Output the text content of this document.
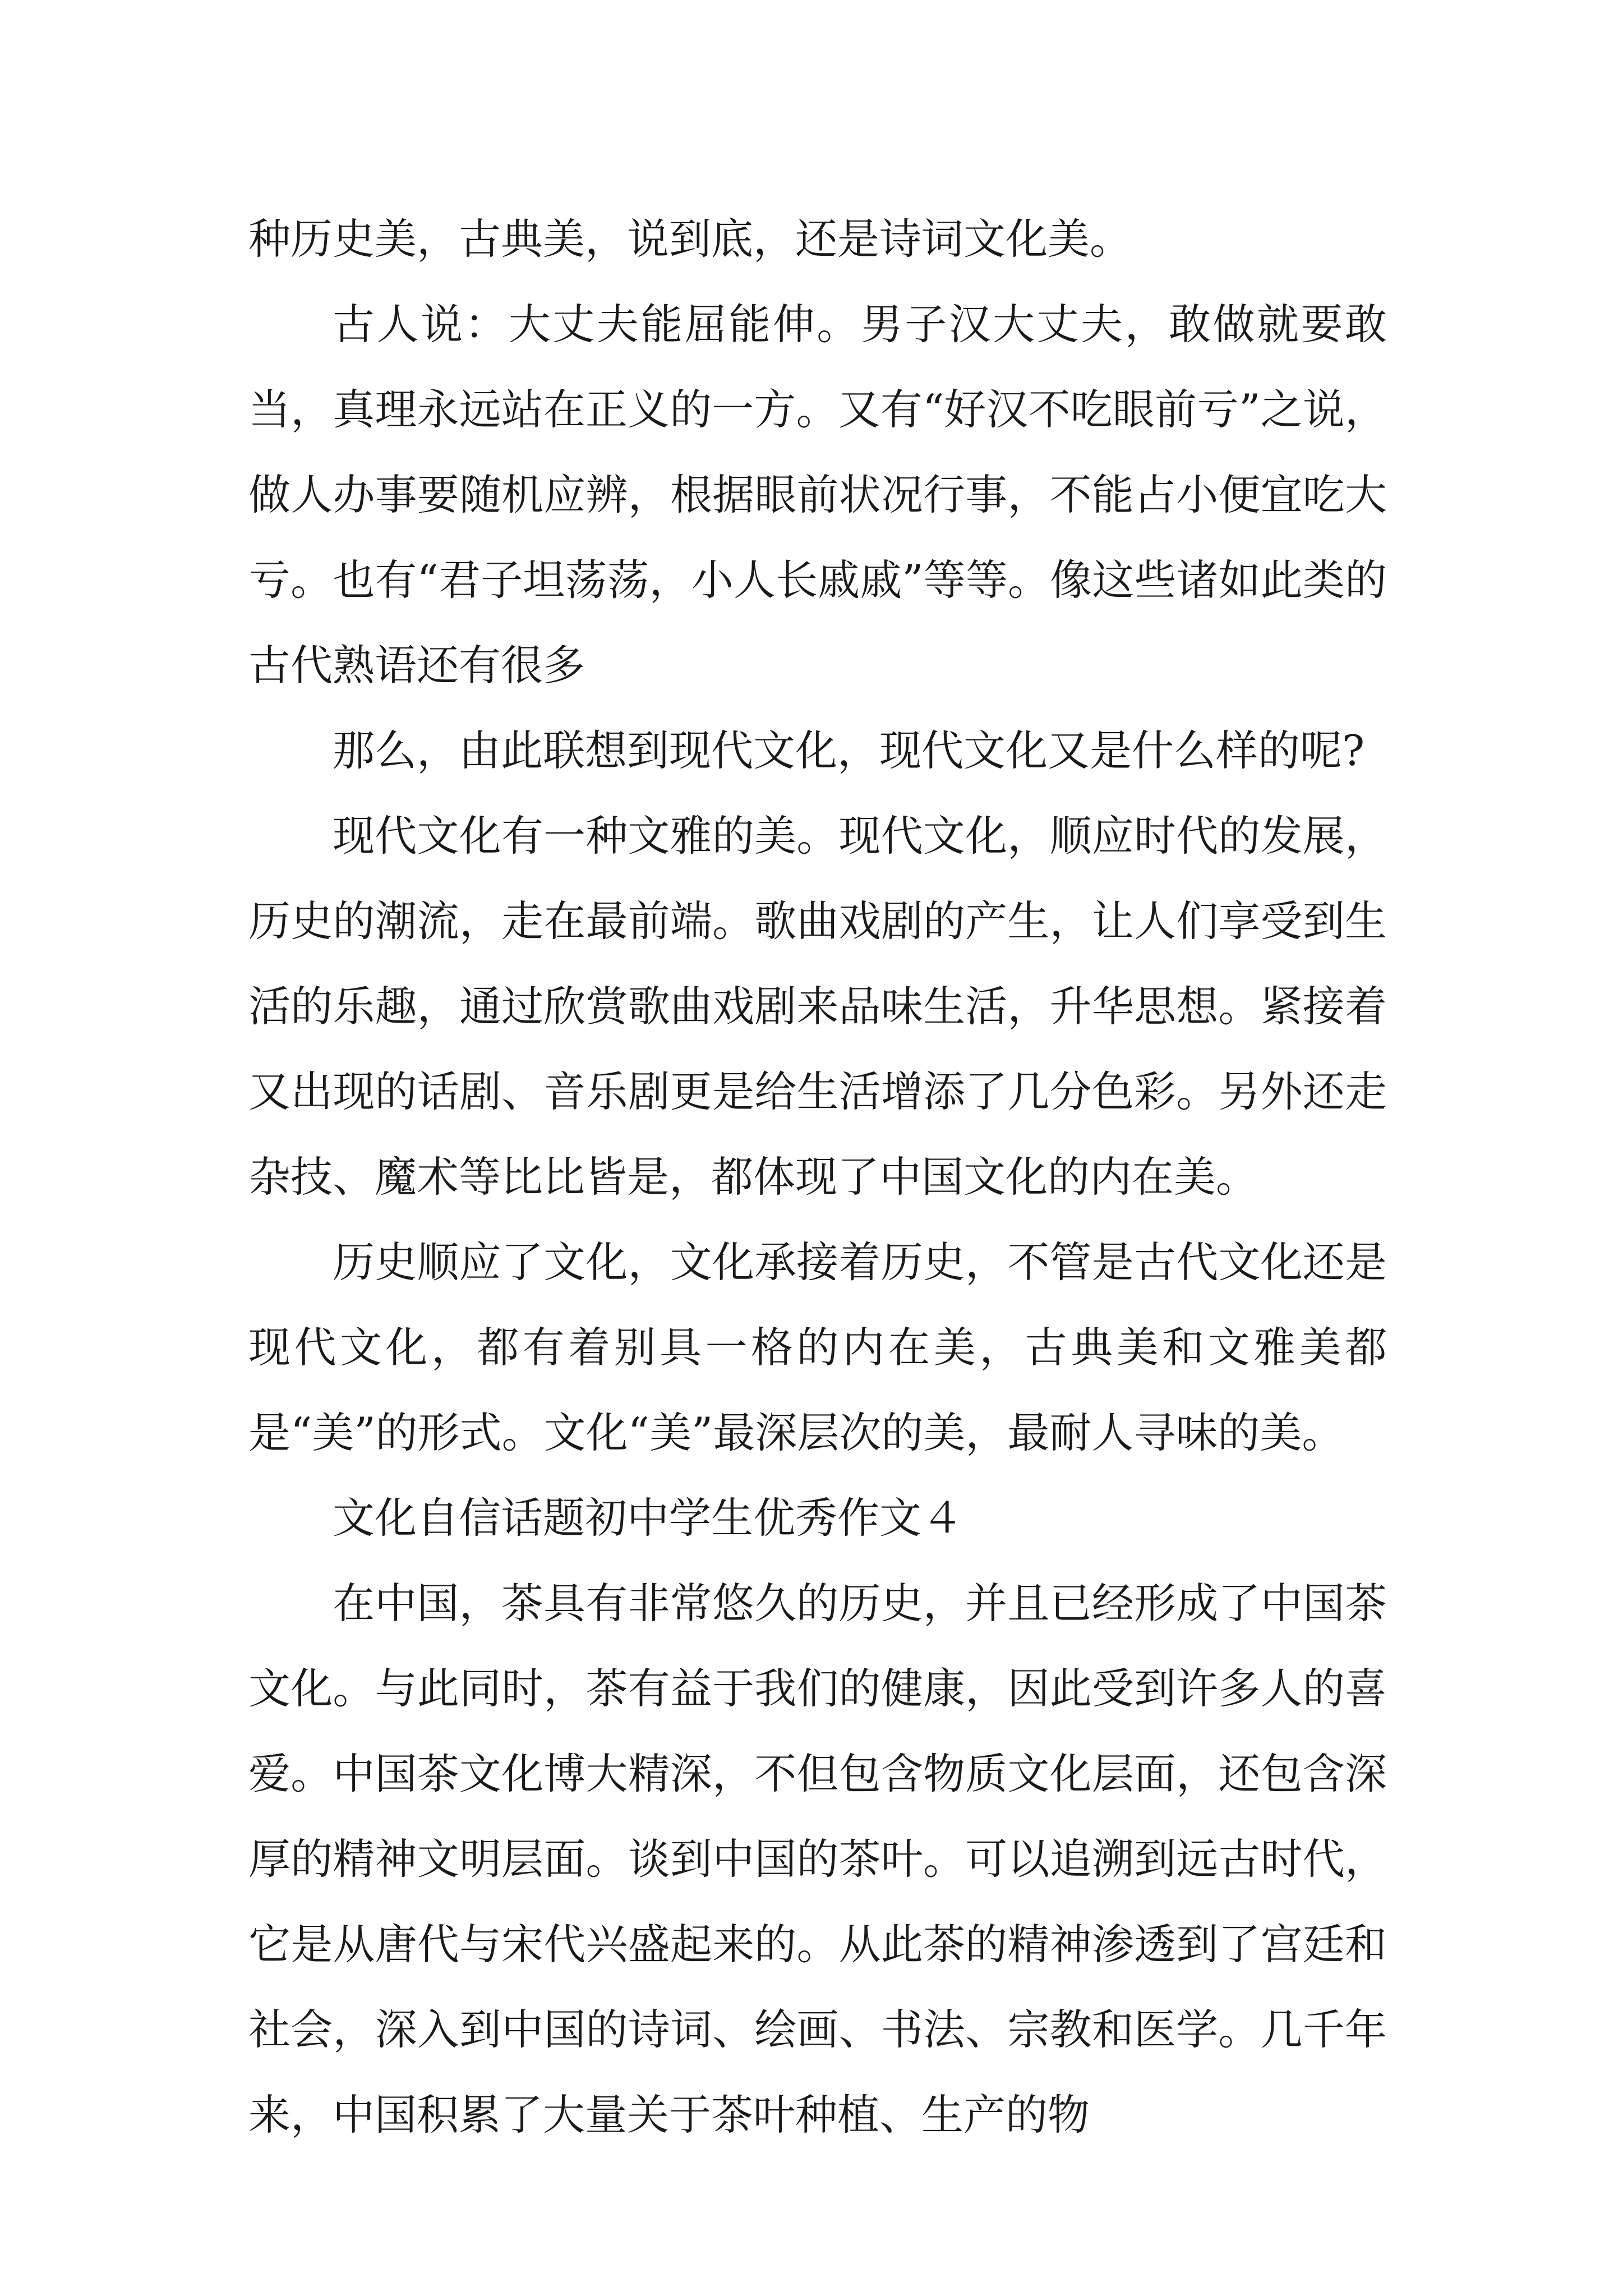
种历史美，古典美，说到底，还是诗词文化美。

古人说：大丈夫能屈能伸。男子汉大丈夫，敢做就要敢当，真理永远站在正义的一方。又有“好汉不吃眼前亏”之说，做人办事要随机应辨，根据眼前状况行事，不能占小便宜吃大亏。也有“君子坦荡荡，小人长戚戚”等等。像这些诸如此类的古代熟语还有很多

那么，由此联想到现代文化，现代文化又是什么样的呢?

现代文化有一种文雅的美。现代文化，顺应时代的发展，历史的潮流，走在最前端。歌曲戏剧的产生，让人们享受到生活的乐趣，通过欣赏歌曲戏剧来品味生活，升华思想。紧接着又出现的话剧、音乐剧更是给生活增添了几分色彩。另外还走杂技、魔术等比比皆是，都体现了中国文化的内在美。

历史顺应了文化，文化承接着历史，不管是古代文化还是现代文化，都有着别具一格的内在美，古典美和文雅美都是“美”的形式。文化“美”最深层次的美，最耐人寻味的美。

文化自信话题初中学生优秀作文４

在中国，茶具有非常悠久的历史，并且已经形成了中国茶文化。与此同时，茶有益于我们的健康，因此受到许多人的喜爱。中国茶文化博大精深，不但包含物质文化层面，还包含深厚的精神文明层面。谈到中国的茶叶。可以追溯到远古时代，它是从唐代与宋代兴盛起来的。从此茶的精神渗透到了宫廷和社会，深入到中国的诗词、绘画、书法、宗教和医学。几千年来，中国积累了大量关于茶叶种植、生产的物
